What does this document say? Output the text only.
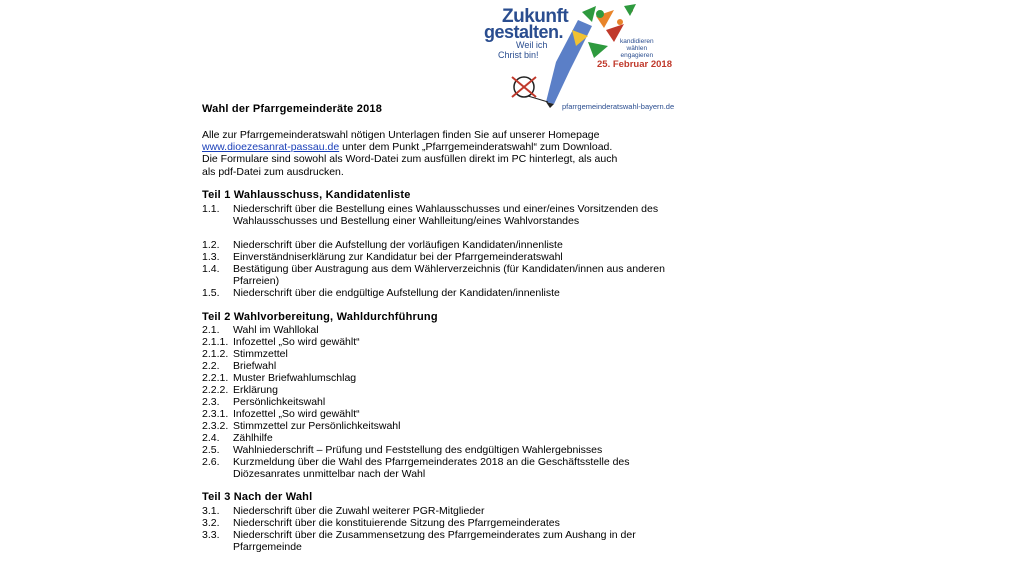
Zukunft
gestalten.
Weil ich
Christ bin!
kandidieren
wählen
engagieren
25. Februar 2018
pfarrgemeinderatswahl-bayern.de
Wahl der Pfarrgemeinderäte 2018
Alle zur Pfarrgemeinderatswahl nötigen Unterlagen finden Sie auf unserer Homepage
www.dioezesanrat-passau.de unter dem Punkt „Pfarrgemeinderatswahl“ zum Download.
Die Formulare sind sowohl als Word-Datei zum ausfüllen direkt im PC hinterlegt, als auch
als pdf-Datei zum ausdrucken.
Teil 1 Wahlausschuss, Kandidatenliste
1.1. Niederschrift über die Bestellung eines Wahlausschusses und einer/eines Vorsitzenden des Wahlausschusses und Bestellung einer Wahlleitung/eines Wahlvorstandes
1.2. Niederschrift über die Aufstellung der vorläufigen Kandidaten/innenliste
1.3. Einverständniserklärung zur Kandidatur bei der Pfarrgemeinderatswahl
1.4. Bestätigung über Austragung aus dem Wählerverzeichnis (für Kandidaten/innen aus anderen Pfarreien)
1.5. Niederschrift über die endgültige Aufstellung der Kandidaten/innenliste
Teil 2 Wahlvorbereitung, Wahldurchführung
2.1. Wahl im Wahllokal
2.1.1. Infozettel „So wird gewählt“
2.1.2. Stimmzettel
2.2. Briefwahl
2.2.1. Muster Briefwahlumschlag
2.2.2. Erklärung
2.3. Persönlichkeitswahl
2.3.1. Infozettel „So wird gewählt“
2.3.2. Stimmzettel zur Persönlichkeitswahl
2.4. Zählhilfe
2.5. Wahlniederschrift – Prüfung und Feststellung des endgültigen Wahlergebnisses
2.6. Kurzmeldung über die Wahl des Pfarrgemeinderates 2018 an die Geschäftsstelle des Diözesanrates unmittelbar nach der Wahl
Teil 3 Nach der Wahl
3.1. Niederschrift über die Zuwahl weiterer PGR-Mitglieder
3.2. Niederschrift über die konstituierende Sitzung des Pfarrgemeinderates
3.3. Niederschrift über die Zusammensetzung des Pfarrgemeinderates zum Aushang in der Pfarrgemeinde
